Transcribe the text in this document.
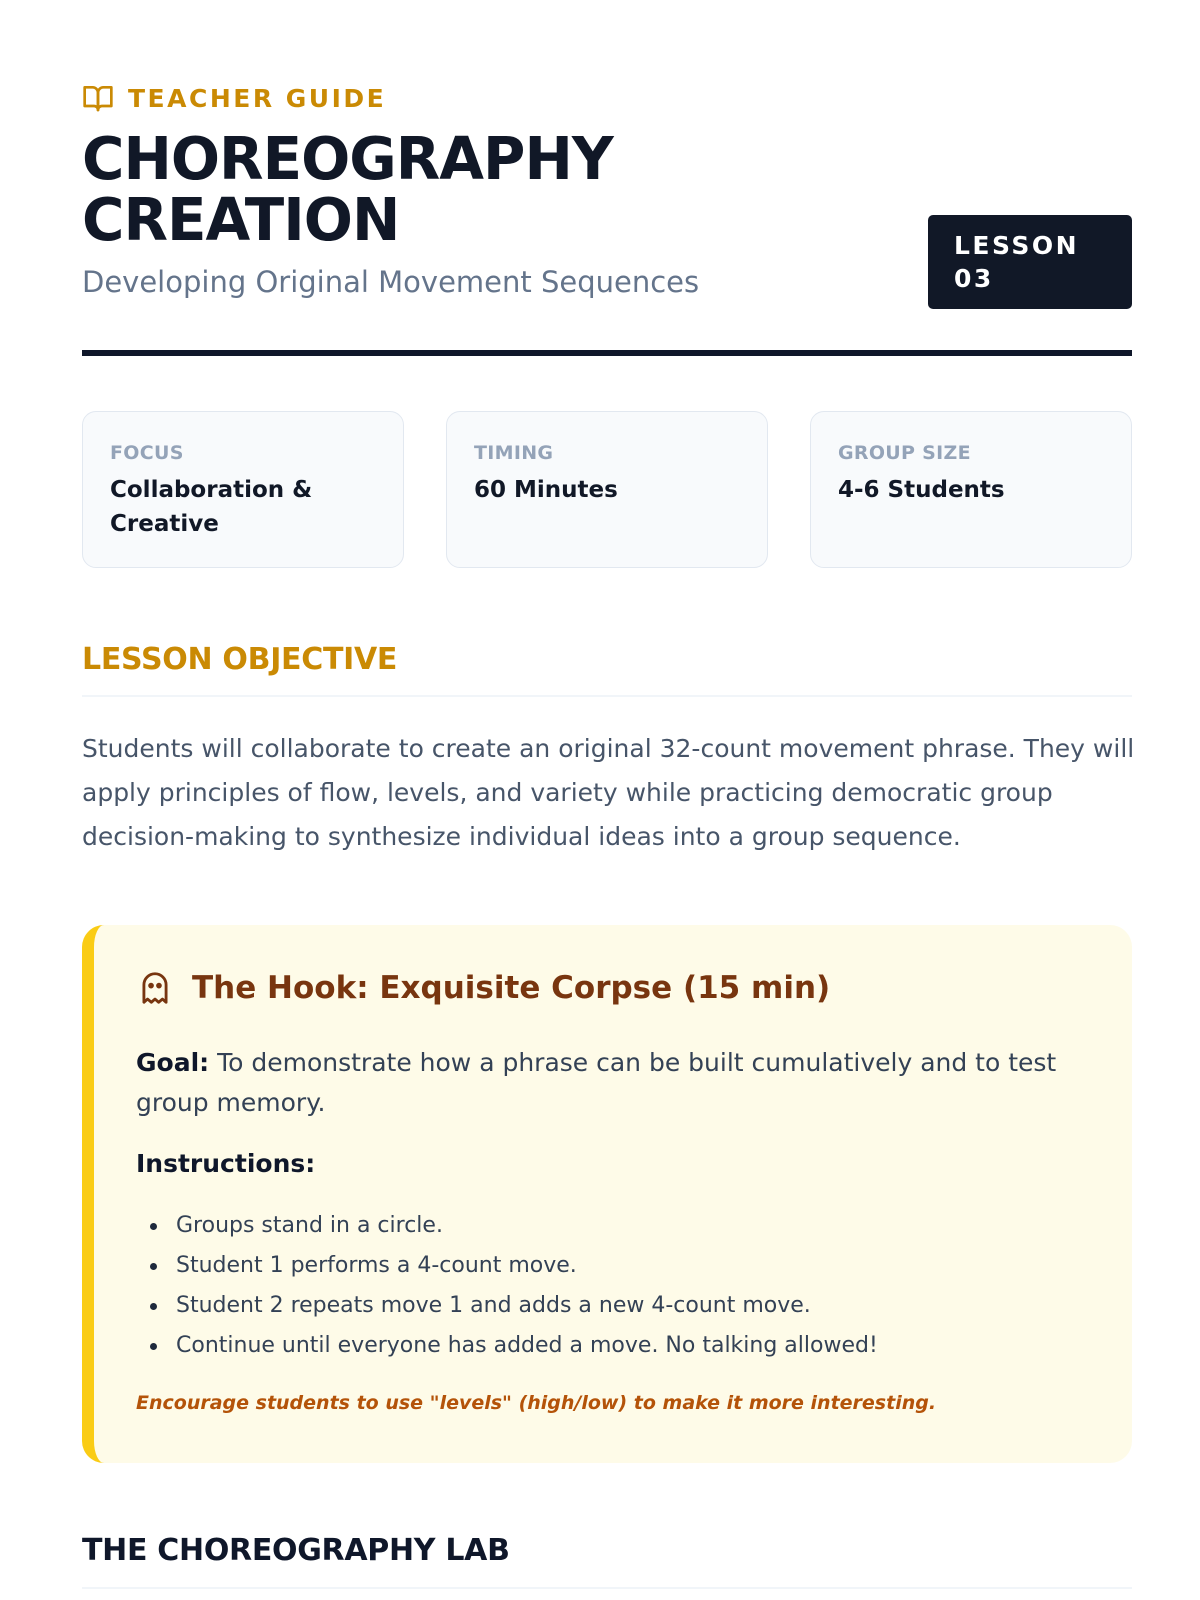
TEACHER GUIDE
CHOREOGRAPHY
CREATION
Developing Original Movement Sequences
LESSON
03
FOCUS
Collaboration &
Creative
TIMING
60 Minutes
GROUP SIZE
4-6 Students
LESSON OBJECTIVE

Students will collaborate to create an original 32-count movement phrase. They will apply principles of flow, levels, and variety while practicing democratic group decision-making to synthesize individual ideas into a group sequence.

The Hook: Exquisite Corpse (15 min)

Goal: To demonstrate how a phrase can be built cumulatively and to test group memory.

Instructions:
Groups stand in a circle.
Student 1 performs a 4-count move.
Student 2 repeats move 1 and adds a new 4-count move.
Continue until everyone has added a move. No talking allowed!

Encourage students to use "levels" (high/low) to make it more interesting.

THE CHOREOGRAPHY LAB
